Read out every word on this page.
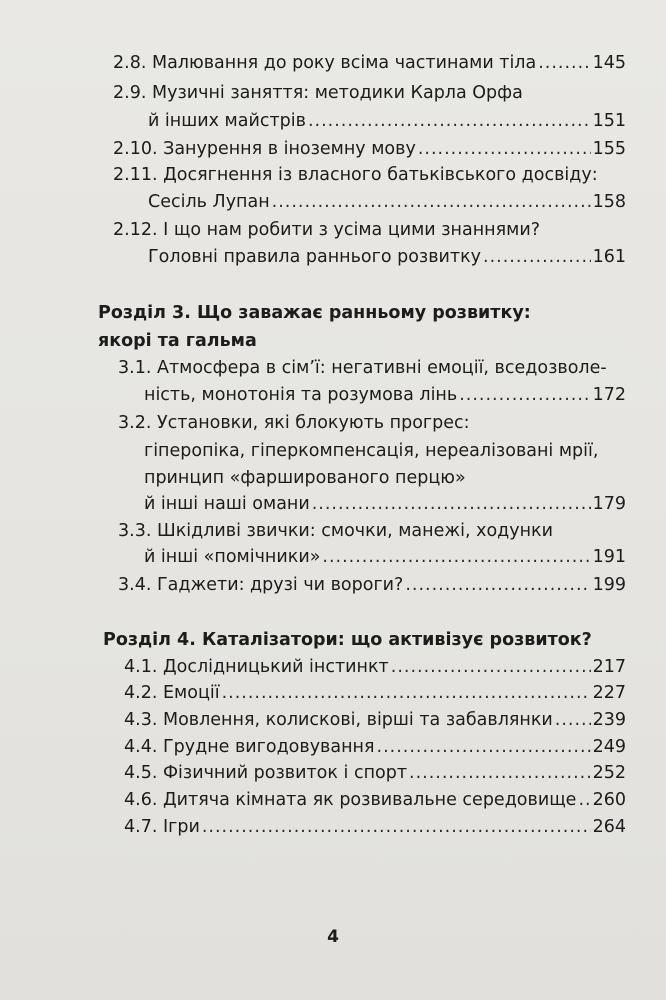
2.8. Малювання до року всіма частинами тіла .....	145
2.9. Музичні заняття: методики Карла Орфа
й інших майстрів .....	151
2.10. Занурення в іноземну мову .....	155
2.11. Досягнення із власного батьківського досвіду:
Сесіль Лупан .....	158
2.12. І що нам робити з усіма цими знаннями?
Головні правила раннього розвитку .....	161
Розділ 3. Що заважає ранньому розвитку:
якорі та гальма
3.1. Атмосфера в сім’ї: негативні емоції, вседозволе-
ність, монотонія та розумова лінь .....	172
3.2. Установки, які блокують прогрес:
гіперопіка, гіперкомпенсація, нереалізовані мрії,
принцип «фаршированого перцю»
й інші наші омани .....	179
3.3. Шкідливі звички: смочки, манежі, ходунки
й інші «помічники» .....	191
3.4. Гаджети: друзі чи вороги? .....	199
Розділ 4. Каталізатори: що активізує розвиток?
4.1. Дослідницький інстинкт .....	217
4.2. Емоції .....	227
4.3. Мовлення, колискові, вірші та забавлянки ..... 239
4.4. Грудне вигодовування .....	249
4.5. Фізичний розвиток і спорт .....	252
4.6. Дитяча кімната як розвивальне середовище ..... 260
4.7. Ігри .....	264
4
